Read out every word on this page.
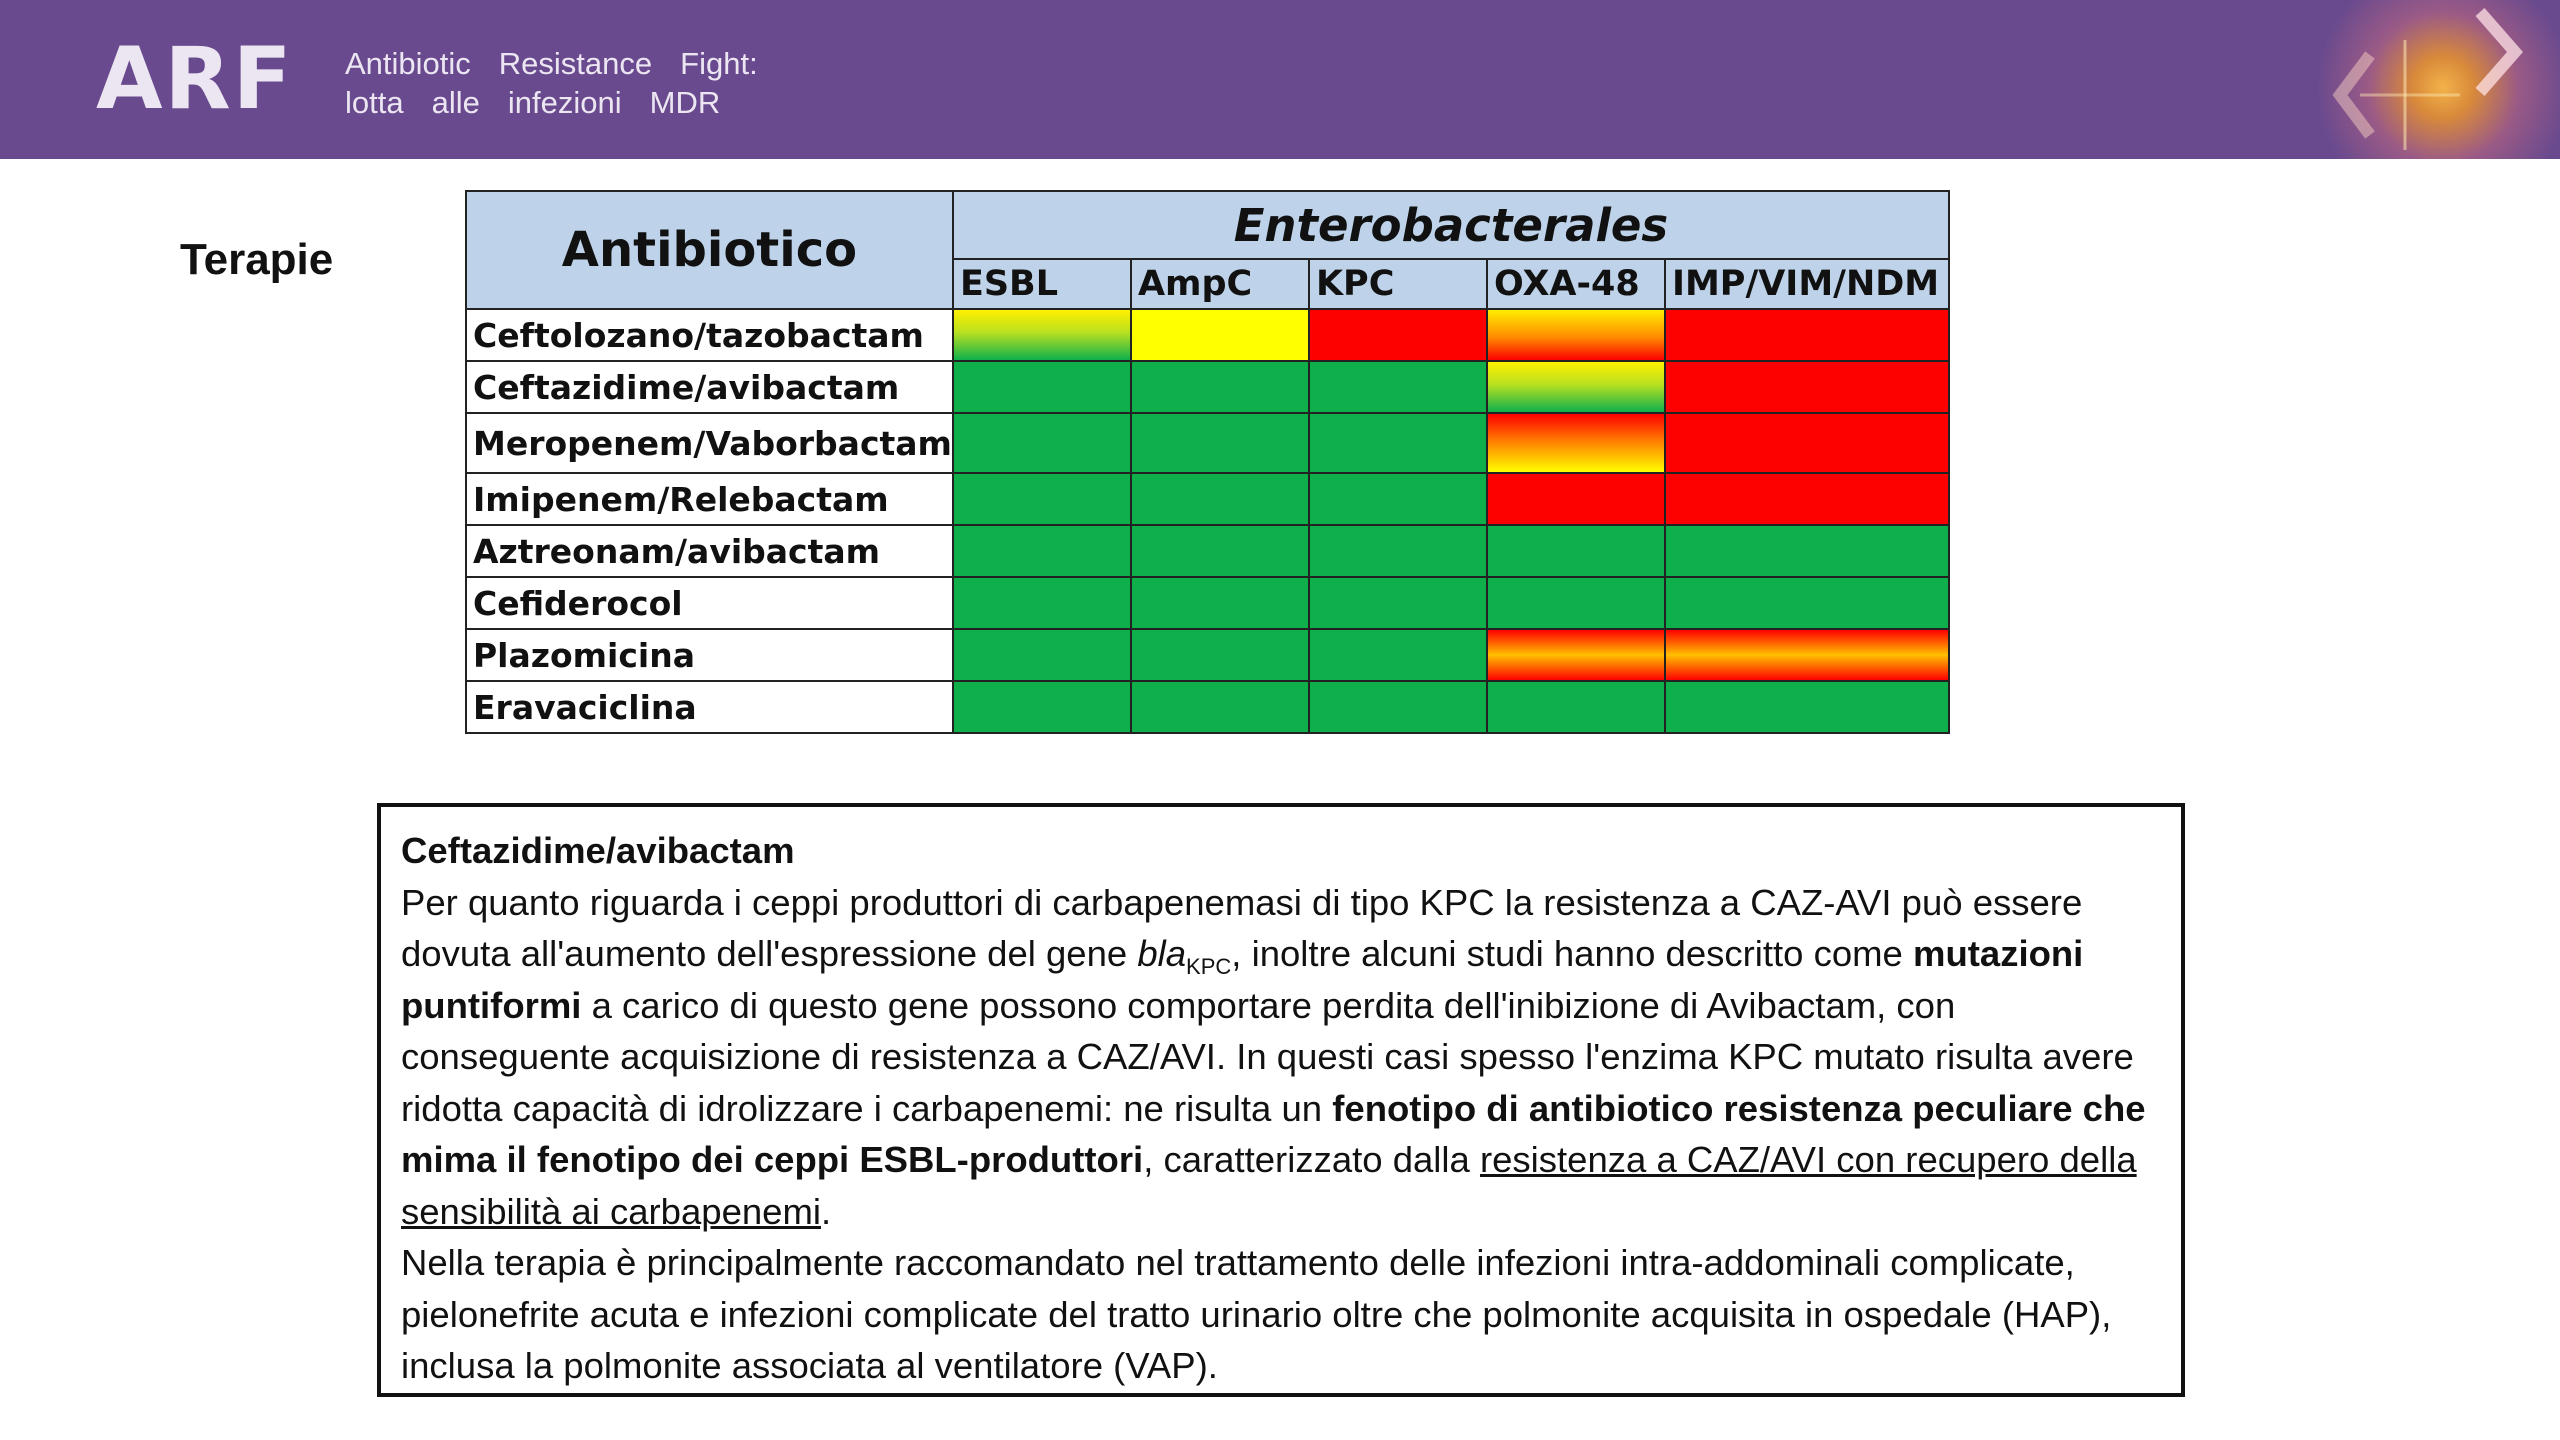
ARF Antibiotic Resistance Fight:
lotta alle infezioni MDR
Terapie	Antibiotico	Enterobacterales				
	ESBL	AmpC	KPC	OXA-48	IMP/VIM/NDM
Ceftolozano/tazobactam					
Ceftazidime/avibactam					
Meropenem/Vaborbactam					
Imipenem/Relebactam					
Aztreonam/avibactam					
Cefiderocol					
Plazomicina					
Eravaciclina					

Ceftazidime/avibactam

Per quanto riguarda i ceppi produttori di carbapenemasi di tipo KPC la resistenza a CAZ-AVI può essere dovuta all'aumento dell'espressione del gene bla$_{KPC}$, inoltre alcuni studi hanno descritto come mutazioni puntiformi a carico di questo gene possono comportare perdita dell'inibizione di Avibactam, con conseguente acquisizione di resistenza a CAZ/AVI. In questi casi spesso l'enzima KPC mutato risulta avere ridotta capacità di idrolizzare i carbapenemi: ne risulta un fenotipo di antibiotico resistenza peculiare che mima il fenotipo dei ceppi ESBL-produttori, caratterizzato dalla resistenza a CAZ/AVI con recupero della sensibilità ai carbapenemi.

Nella terapia è principalmente raccomandato nel trattamento delle infezioni intra-addominali complicate, pielonefrite acuta e infezioni complicate del tratto urinario oltre che polmonite acquisita in ospedale (HAP), inclusa la polmonite associata al ventilatore (VAP).
